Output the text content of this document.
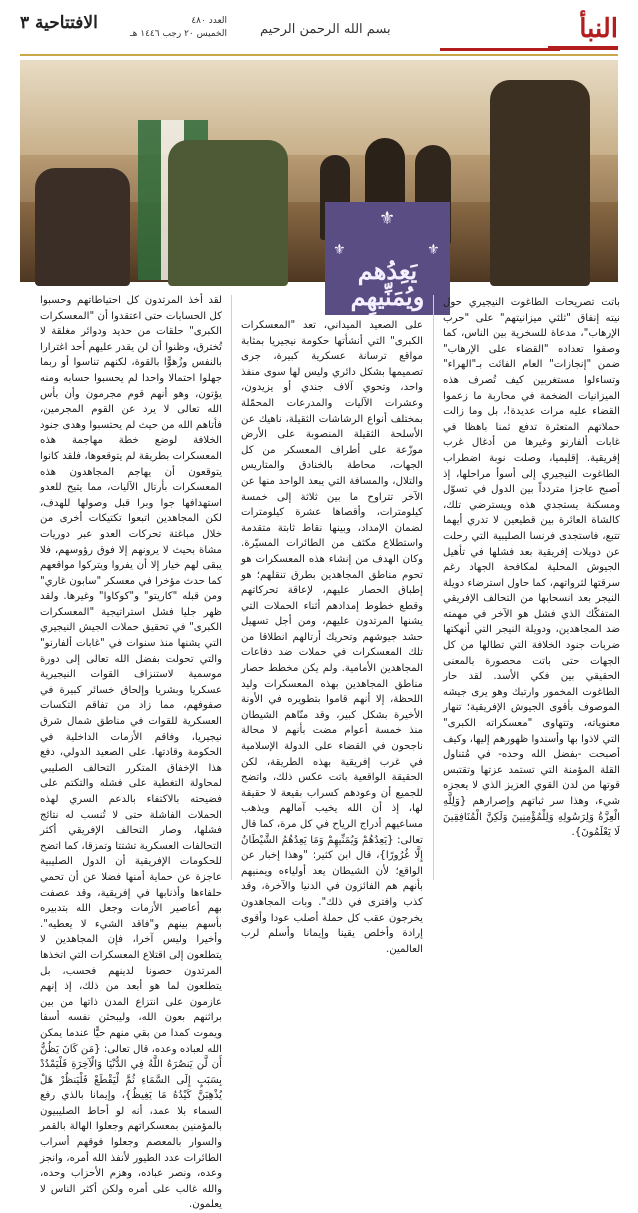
النبأ
بسم الله الرحمن الرحيم
العدد ٤٨٠
الخميس ٢٠ رجب ١٤٤٦ هـ
الافتتاحية ٣
⚜
⚜
⚜
يَعِدُهم
ويُمَنِّيهِم	باتت تصريحات الطاغوت النيجيري حول نيته إنفاق "ثلثي ميزانيتهم" على "حرب الإرهاب"، مدعاة للسخرية بين الناس، كما وصفوا تعداده "القضاء على الإرهاب" ضمن "إنجازات" العام الفائت بـ"الهراء" وتساءلوا مستغربين كيف تُصرف هذه الميزانيات الضخمة في محاربة ما زعموا القضاء عليه مرات عديدة!، بل وما زالت حملاتهم المتعثرة تدفع ثمنا باهظا في غابات ألفارنو وغيرها من أدغال غرب إفريقية. إقليميا، وصلت نوبة اضطراب الطاغوت النيجيري إلى أسوأ مراحلها، إذ أصبح عاجزا متردداً بين الدول في تسوّل ومسكنة يستجدي هذه ويسترضي تلك، كالشاة العائرة بين قطيعين لا تدري أيهما تتبع، فاستجدى فرنسا الصليبية التي رحلت عن دويلات إفريقية بعد فشلها في تأهيل الجيوش المحلية لمكافحة الجهاد رغم سرقتها لثرواتهم، كما حاول استرضاء دويلة النيجر بعد انسحابها من التحالف الإفريقي المتفكّك الذي فشل هو الآخر في مهمته ضد المجاهدين، ودويلة النيجر التي أنهكتها ضربات جنود الخلافة التي تطالها من كل الجهات حتى باتت محصورة بالمعنى الحقيقي بين فكي الأسد. لقد حار الطاغوت المخمور وارتبك وهو يرى جيشه الموصوف بأقوى الجيوش الإفريقية؛ تنهار معنوياته، وتتهاوى "معسكراته الكبرى" التي لاذوا بها وأسندوا ظهورهم إليها، وكيف أصبحت -بفضل الله وحده- في مُتناول القلة المؤمنة التي تستمد عزتها وتقتبس قوتها من لدن القوي العزيز الذي لا يعجزه شيء، وهذا سر ثباتهم وإصرارهم {وَلِلَّهِ الْعِزَّةُ وَلِرَسُولِهِ وَلِلْمُؤْمِنِينَ وَلَكِنَّ الْمُنَافِقِينَ لَا يَعْلَمُونَ}.

على الصعيد الميداني، تعد "المعسكرات الكبرى" التي أنشأتها حكومة نيجيريا بمثابة مواقع ترسانة عسكرية كبيرة، جرى تصميمها بشكل دائري وليس لها سوى منفذ واحد، وتحوي آلاف جندي أو يزيدون، وعشرات الآليات والمدرعات المحمّلة بمختلف أنواع الرشاشات الثقيلة، ناهيك عن الأسلحة الثقيلة المنصوبة على الأرض موزّعة على أطراف المعسكر من كل الجهات، محاطة بالخنادق والمتاريس والتلال، والمسافة التي يبعد الواحد منها عن الآخر تتراوح ما بين ثلاثة إلى خمسة كيلومترات، وأقصاها عشرة كيلومترات لضمان الإمداد، وبينها نقاط ثابتة متقدمة واستطلاع مكثف من الطائرات المسيّرة. وكان الهدف من إنشاء هذه المعسكرات هو تحوم مناطق المجاهدين بطرق تنقلهم؛ هو إطباق الحصار عليهم، لإعاقة تحركاتهم وقطع خطوط إمدادهم أثناء الحملات التي يشنها المرتدون عليهم، ومن أجل تسهيل حشد جيوشهم وتحريك أرتالهم انطلاقا من تلك المعسكرات في حملات ضد دفاعات المجاهدين الأمامية. ولم يكن مخطط حصار مناطق المجاهدين بهذه المعسكرات وليد اللحظة، إلا أنهم قاموا بتطويره في الأونة الأخيرة بشكل كبير، وقد منّاهم الشيطان منذ خمسة أعوام مضت بأنهم لا محالة ناجحون في القضاء على الدولة الإسلامية في غرب إفريقية بهذه الطريقة، لكن الحقيقة الواقعية باتت عكس ذلك، واتضح للجميع أن وعودهم كسراب بقيعة لا حقيقة لها، إذ أن الله يخيب آمالهم ويذهب مساعيهم أدراج الرياح في كل مرة، كما قال تعالى: {يَعِدُهُمْ وَيُمَنِّيهِمْ وَمَا يَعِدُهُمُ الشَّيْطَانُ إِلَّا غُرُورًا}، قال ابن كثير: "وهذا إخبار عن الواقع؛ لأن الشيطان يعد أولياءه ويمنيهم بأنهم هم الفائزون في الدنيا والآخرة، وقد كذب وافترى في ذلك". وبات المجاهدون يخرجون عقب كل حملة أصلب عودا وأقوى إرادة وأخلص يقينا وإيمانا وأسلم لرب العالمين.

لقد أخذ المرتدون كل احتياطاتهم وحسبوا كل الحسابات حتى اعتقدوا أن "المعسكرات الكبرى" حلقات من حديد ودوائر مغلقة لا تُخترق، وظنوا أن لن يقدر عليهم أحد اغترارا بالنفس وزُهوًّا بالقوة، لكنهم تناسوا أو ربما جهلوا احتمالا واحدا لم يحسبوا حسابه ومنه يؤتون، وهو أنهم قوم مجرمون وأن بأس الله تعالى لا يرد عن القوم المجرمين، فأتاهم الله من حيث لم يحتسبوا وهدى جنود الخلافة لوضع خطة مهاجمة هذه المعسكرات بطريقة لم يتوقعوها، فلقد كانوا يتوقعون أن يهاجم المجاهدون هذه المعسكرات بأرتال الآليات، مما يتيح للعدو استهدافها جوا وبرا قبل وصولها للهدف، لكن المجاهدين اتبعوا تكتيكات أخرى من خلال مباغتة تحركات العدو عبر دوريات مشاة بحيث لا يرونهم إلا فوق رؤوسهم، فلا يبقى لهم خيار إلا أن يفروا ويتركوا مواقعهم كما حدث مؤخرا في معسكر "سابون غاري" ومن قبله "كاريتو" و"كوكاوا" وغيرها. ولقد ظهر جليا فشل استراتيجية "المعسكرات الكبرى" في تحقيق حملات الجيش النيجيري التي يشنها منذ سنوات في "غابات ألفارنو" والتي تحولت بفضل الله تعالى إلى دورة موسمية لاستنزاف القوات النيجيرية عسكريا وبشريا وإلحاق خسائر كبيرة في صفوفهم، مما زاد من تفاقم التكسات العسكرية للقوات في مناطق شمال شرق نيجيريا، وفاقم الأزمات الداخلية في الحكومة وقادتها. على الصعيد الدولي، دفع هذا الإخفاق المتكرر التحالف الصليبي لمحاولة التغطية على فشله والتكتم على فضيحته بالاكتفاء بالدعم السري لهذه الحملات الفاشلة حتى لا تُنسب له نتائج فشلها، وصار التحالف الإفريقي أكثر التحالفات العسكرية تشتتا وتمزقا، كما اتضح للحكومات الإفريقية أن الدول الصليبية عاجزة عن حماية أمنها فضلا عن أن تحمي حلفاءها وأذنابها في إفريقية، وقد عصفت بهم أعاصير الأزمات وجعل الله بتدبيره بأسهم بينهم و"فاقد الشيء لا يعطيه". وأخيرا وليس آخرا، فإن المجاهدين لا يتطلعون إلى اقتلاع المعسكرات التي اتخذها المرتدون حصونا لدينهم فحسب، بل يتطلعون لما هو أبعد من ذلك، إذ إنهم عازمون على انتزاع المدن ذاتها من بين براثنهم بعون الله، وليبحثن نفسه أسفا ويموت كمدا من بقي منهم حيًّا عندما يمكن الله لعباده وعده، قال تعالى: {مَن كَانَ يَظُنُّ أَن لَّن يَنصُرَهُ اللَّهُ فِي الدُّنْيَا وَالْآخِرَةِ فَلْيَمْدُدْ بِسَبَبٍ إِلَى السَّمَاءِ ثُمَّ لْيَقْطَعْ فَلْيَنظُرْ هَلْ يُذْهِبَنَّ كَيْدُهُ مَا يَغِيظُ}، وإيمانا بالذي رفع السماء بلا عمد، أنه لو أحاط الصليبيون بالمؤمنين بمعسكراتهم وجعلوا الهالة بالقمر والسوار بالمعصم وجعلوا فوقهم أسراب الطائرات عدد الطيور لأنفذ الله أمره، وانجز وعده، ونصر عباده، وهزم الأحزاب وحده، والله غالب على أمره ولكن أكثر الناس لا يعلمون.
